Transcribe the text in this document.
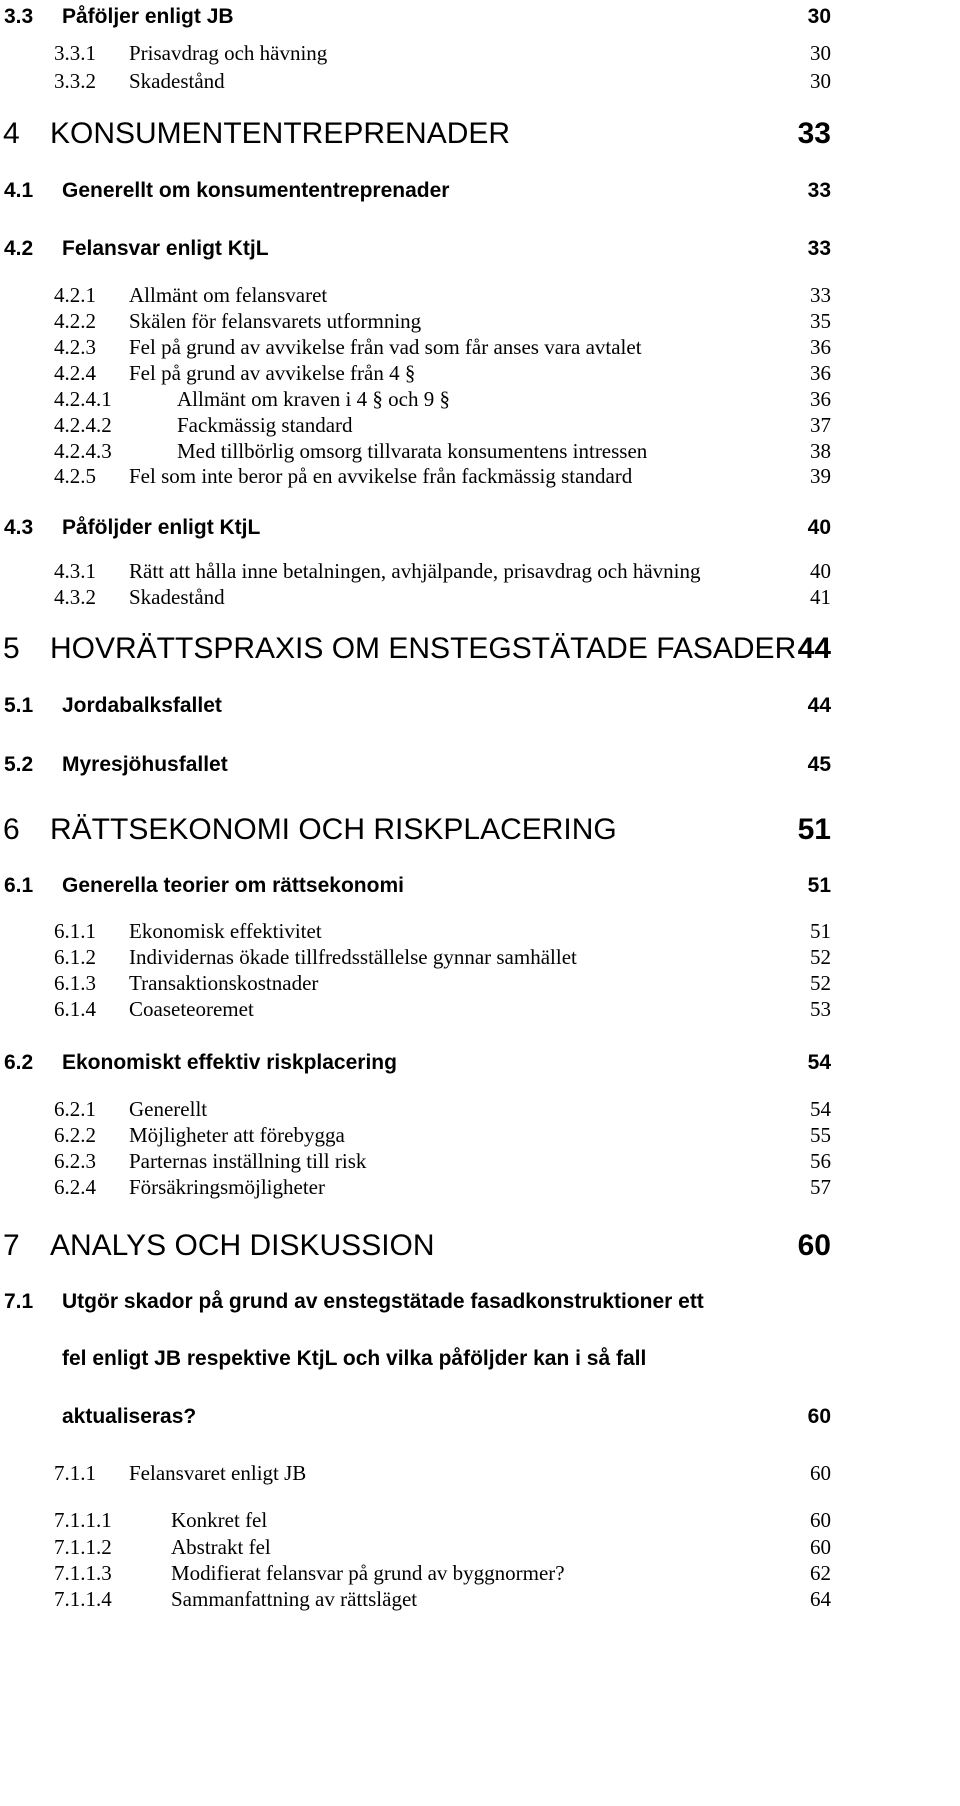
3.3 Påföljer enligt JB	30
3.3.1 Prisavdrag och hävning	30
3.3.2 Skadestånd	30
4 KONSUMENTENTREPRENADER	33
4.1 Generellt om konsumententreprenader	33
4.2 Felansvar enligt KtjL	33
4.2.1 Allmänt om felansvaret	33
4.2.2 Skälen för felansvarets utformning	35
4.2.3 Fel på grund av avvikelse från vad som får anses vara avtalet	36
4.2.4 Fel på grund av avvikelse från 4 §	36
4.2.4.1	Allmänt om kraven i 4 § och 9 §	36
4.2.4.2	Fackmässig standard	37
4.2.4.3	Med tillbörlig omsorg tillvarata konsumentens intressen	38
4.2.5 Fel som inte beror på en avvikelse från fackmässig standard	39
4.3 Påföljder enligt KtjL	40
4.3.1 Rätt att hålla inne betalningen, avhjälpande, prisavdrag och hävning	40
4.3.2 Skadestånd	41
5 HOVRÄTTSPRAXIS OM ENSTEGSTÄTADE FASADER 44
5.1 Jordabalksfallet	44
5.2 Myresjöhusfallet	45
6 RÄTTSEKONOMI OCH RISKPLACERING	51
6.1 Generella teorier om rättsekonomi	51
6.1.1 Ekonomisk effektivitet	51
6.1.2 Individernas ökade tillfredsställelse gynnar samhället	52
6.1.3 Transaktionskostnader	52
6.1.4 Coaseteoremet	53
6.2 Ekonomiskt effektiv riskplacering	54
6.2.1 Generellt	54
6.2.2 Möjligheter att förebygga	55
6.2.3 Parternas inställning till risk	56
6.2.4 Försäkringsmöjligheter	57
7 ANALYS OCH DISKUSSION	60
7.1 Utgör skador på grund av enstegstätade fasadkonstruktioner ett
fel enligt JB respektive KtjL och vilka påföljder kan i så fall
aktualiseras?	60
7.1.1 Felansvaret enligt JB	60
7.1.1.1	Konkret fel	60
7.1.1.2	Abstrakt fel	60
7.1.1.3	Modifierat felansvar på grund av byggnormer?	62
7.1.1.4	Sammanfattning av rättsläget	64
